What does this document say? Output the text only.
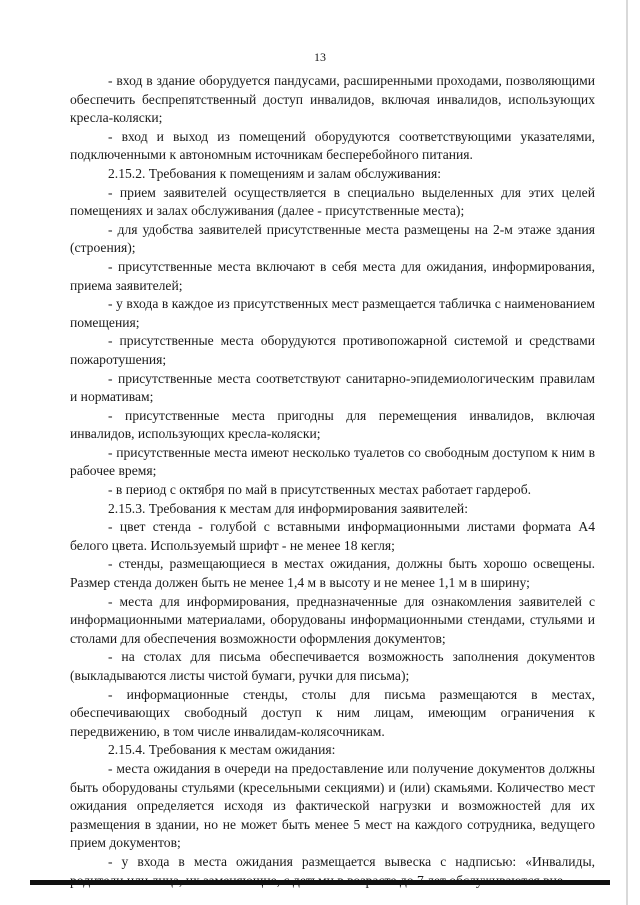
13

- вход в здание оборудуется пандусами, расширенными проходами, позволяющими обеспечить беспрепятственный доступ инвалидов, включая инвалидов, использующих кресла-коляски;

- вход и выход из помещений оборудуются соответствующими указателями, подключенными к автономным источникам бесперебойного питания.

2.15.2. Требования к помещениям и залам обслуживания:

- прием заявителей осуществляется в специально выделенных для этих целей помещениях и залах обслуживания (далее - присутственные места);

- для удобства заявителей присутственные места размещены на 2-м этаже здания (строения);

- присутственные места включают в себя места для ожидания, информирования, приема заявителей;

- у входа в каждое из присутственных мест размещается табличка с наименованием помещения;

- присутственные места оборудуются противопожарной системой и средствами пожаротушения;

- присутственные места соответствуют санитарно-эпидемиологическим правилам и нормативам;

- присутственные места пригодны для перемещения инвалидов, включая инвалидов, использующих кресла-коляски;

- присутственные места имеют несколько туалетов со свободным доступом к ним в рабочее время;

- в период с октября по май в присутственных местах работает гардероб.

2.15.3. Требования к местам для информирования заявителей:

- цвет стенда - голубой с вставными информационными листами формата А4 белого цвета. Используемый шрифт - не менее 18 кегля;

- стенды, размещающиеся в местах ожидания, должны быть хорошо освещены. Размер стенда должен быть не менее 1,4 м в высоту и не менее 1,1 м в ширину;

- места для информирования, предназначенные для ознакомления заявителей с информационными материалами, оборудованы информационными стендами, стульями и столами для обеспечения возможности оформления документов;

- на столах для письма обеспечивается возможность заполнения документов (выкладываются листы чистой бумаги, ручки для письма);

- информационные стенды, столы для письма размещаются в местах, обеспечивающих свободный доступ к ним лицам, имеющим ограничения к передвижению, в том числе инвалидам-колясочникам.

2.15.4. Требования к местам ожидания:

- места ожидания в очереди на предоставление или получение документов должны быть оборудованы стульями (кресельными секциями) и (или) скамьями. Количество мест ожидания определяется исходя из фактической нагрузки и возможностей для их размещения в здании, но не может быть менее 5 мест на каждого сотрудника, ведущего прием документов;

- у входа в места ожидания размещается вывеска с надписью: «Инвалиды,
